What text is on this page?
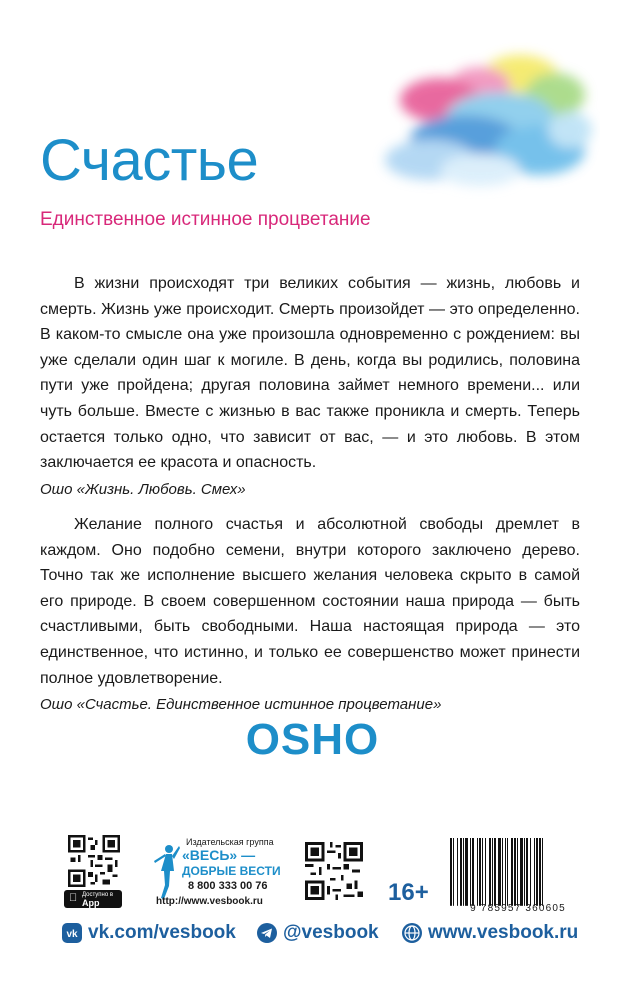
Счастье
Единственное истинное процветание

В жизни происходят три великих события — жизнь, любовь и смерть. Жизнь уже происходит. Смерть произойдет — это определенно. В каком-то смысле она уже произошла одновременно с рождением: вы уже сделали один шаг к могиле. В день, когда вы родились, половина пути уже пройдена; другая половина займет немного времени... или чуть больше. Вместе с жизнью в вас также проникла и смерть. Теперь остается только одно, что зависит от вас, — и это любовь. В этом заключается ее красота и опасность.

Ошо «Жизнь. Любовь. Смех»

Желание полного счастья и абсолютной свободы дремлет в каждом. Оно подобно семени, внутри которого заключено дерево. Точно так же исполнение высшего желания человека скрыто в самой его природе. В своем совершенном состоянии наша природа — быть счастливыми, быть свободными. Наша настоящая природа — это единственное, что истинно, и только ее совершенство может принести полное удовлетворение.

Ошо «Счастье. Единственное истинное процветание»
OSHO
Доступно в
App Store
Издательская группа
«ВЕСЬ» —
ДОБРЫЕ ВЕСТИ
8 800 333 00 76
http://www.vesbook.ru	16+
9 785957 360605
vk vk.com/vesbook @vesbook	www.vesbook.ru
